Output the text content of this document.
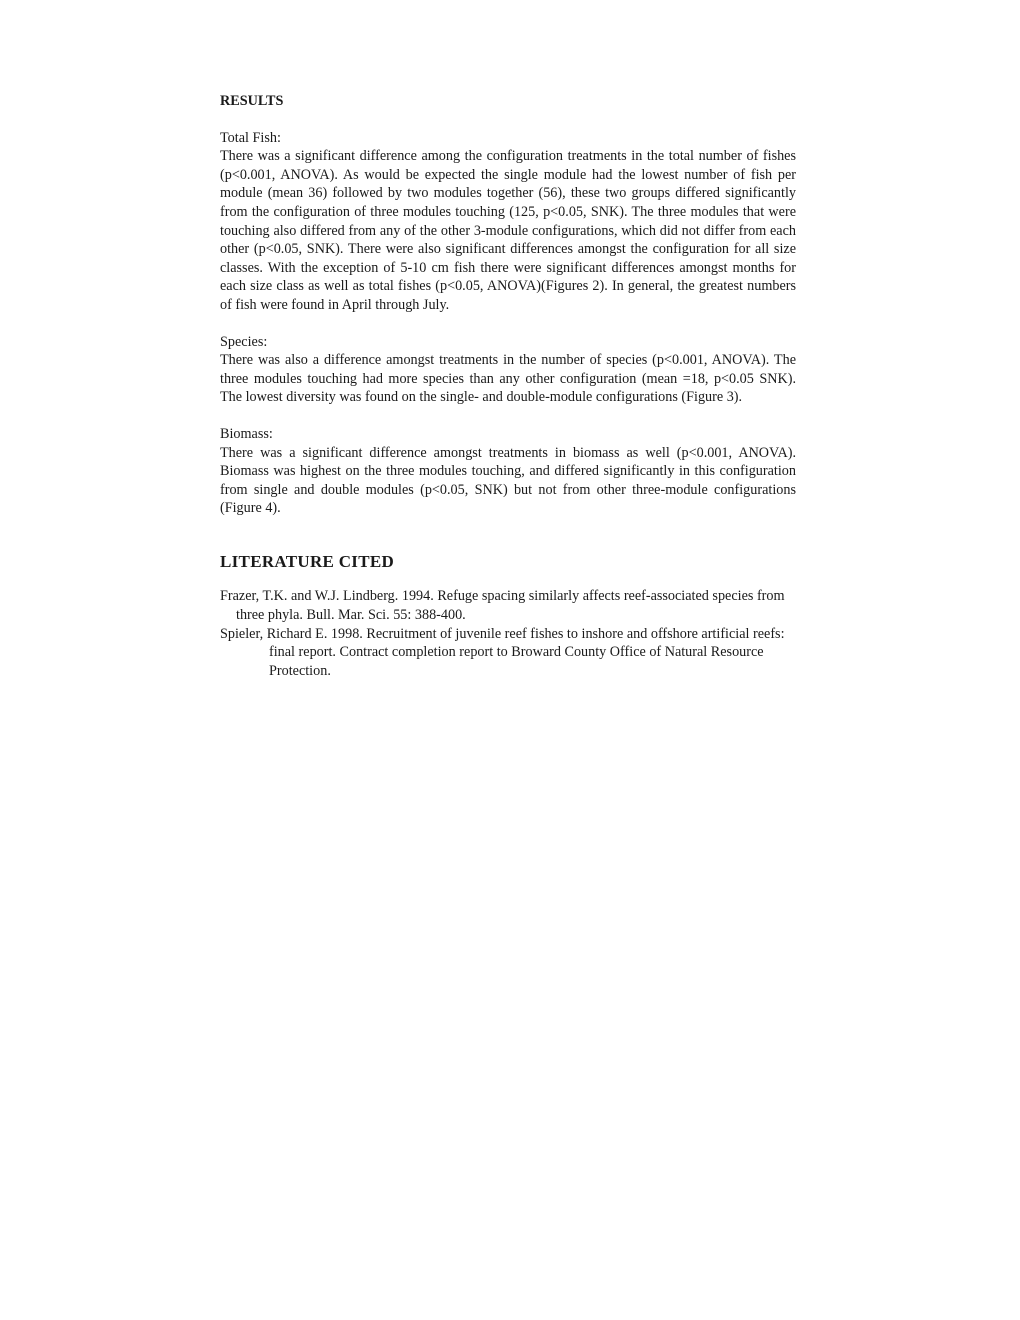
RESULTS

Total Fish:

There was a significant difference among the configuration treatments in the total number of fishes (p<0.001, ANOVA). As would be expected the single module had the lowest number of fish per module (mean 36) followed by two modules together (56), these two groups differed significantly from the configuration of three modules touching (125, p<0.05, SNK). The three modules that were touching also differed from any of the other 3-module configurations, which did not differ from each other (p<0.05, SNK). There were also significant differences amongst the configuration for all size classes. With the exception of 5-10 cm fish there were significant differences amongst months for each size class as well as total fishes (p<0.05, ANOVA)(Figures 2). In general, the greatest numbers of fish were found in April through July.

Species:

There was also a difference amongst treatments in the number of species (p<0.001, ANOVA). The three modules touching had more species than any other configuration (mean =18, p<0.05 SNK). The lowest diversity was found on the single- and double-module configurations (Figure 3).

Biomass:

There was a significant difference amongst treatments in biomass as well (p<0.001, ANOVA). Biomass was highest on the three modules touching, and differed significantly in this configuration from single and double modules (p<0.05, SNK) but not from other three-module configurations (Figure 4).

LITERATURE CITED

Frazer, T.K. and W.J. Lindberg. 1994. Refuge spacing similarly affects reef-associated species from three phyla. Bull. Mar. Sci. 55: 388-400.

Spieler, Richard E. 1998. Recruitment of juvenile reef fishes to inshore and offshore artificial reefs: final report. Contract completion report to Broward County Office of Natural Resource Protection.
